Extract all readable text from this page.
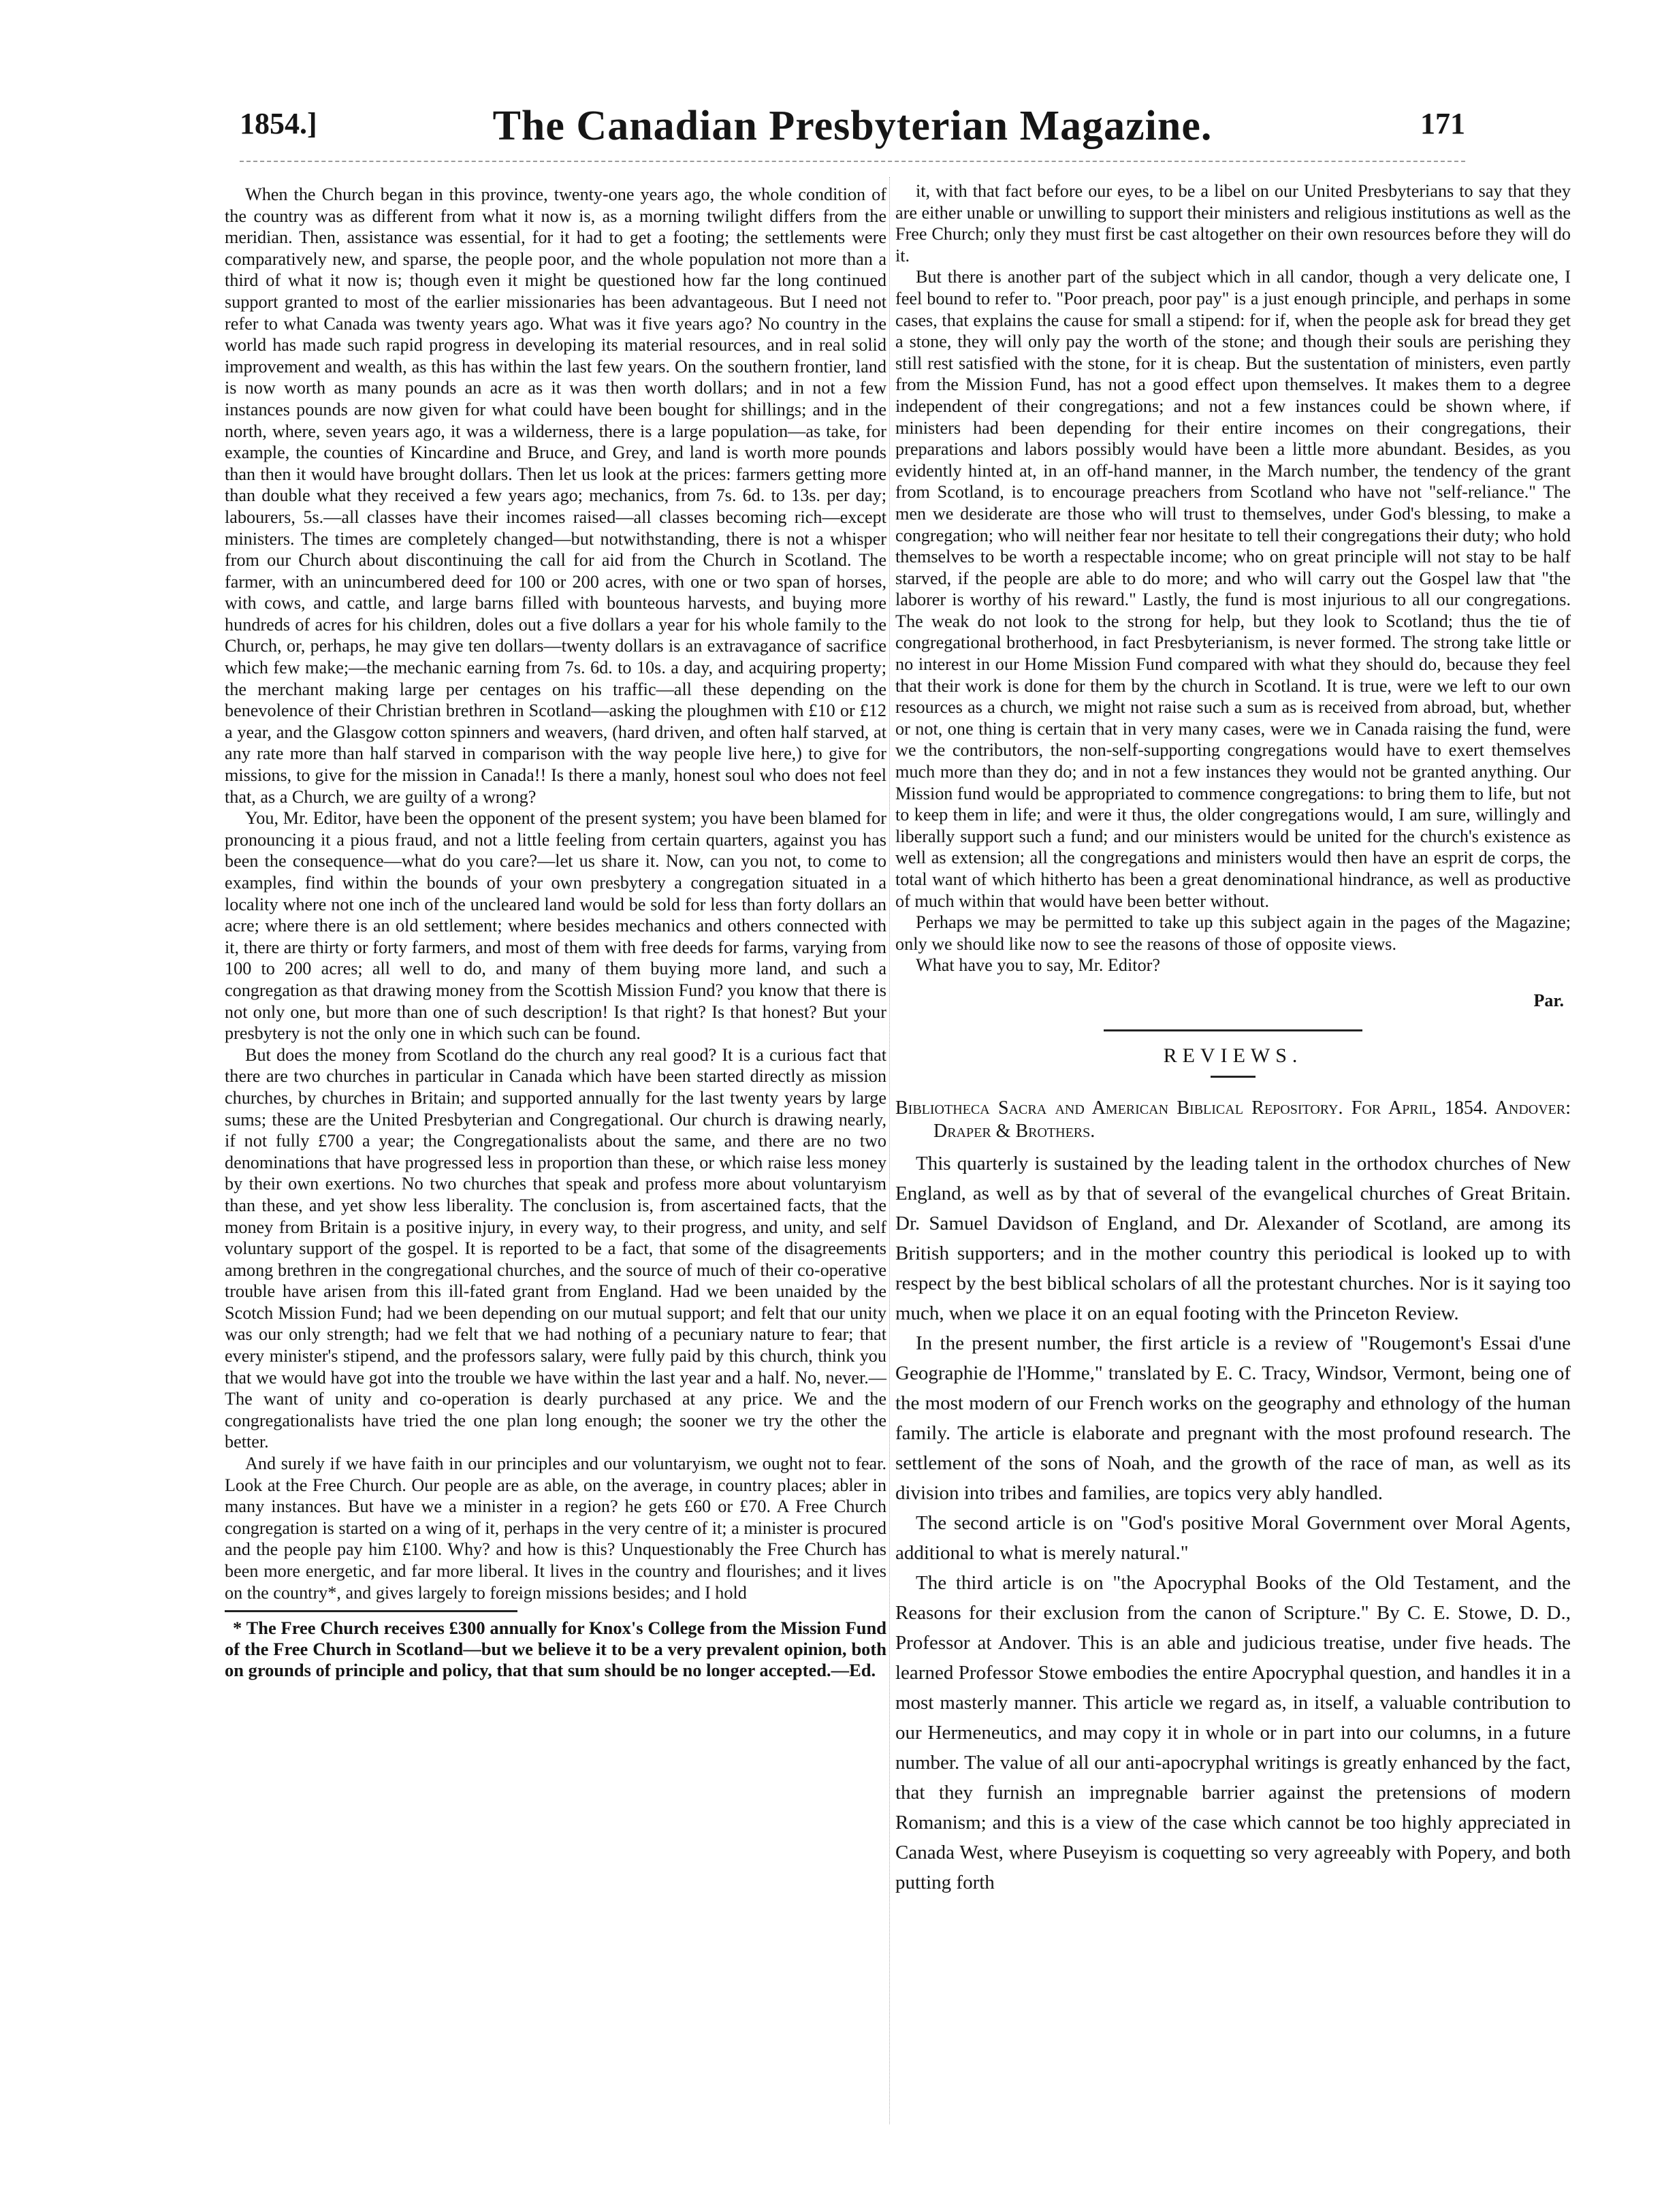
1854.]	The Canadian Presbyterian Magazine.	171

When the Church began in this province, twenty-one years ago, the whole condition of the country was as different from what it now is, as a morning twilight differs from the meridian. Then, assistance was essential, for it had to get a footing; the settlements were comparatively new, and sparse, the people poor, and the whole population not more than a third of what it now is; though even it might be questioned how far the long continued support granted to most of the earlier missionaries has been advantageous. But I need not refer to what Canada was twenty years ago. What was it five years ago? No country in the world has made such rapid progress in developing its material resources, and in real solid improvement and wealth, as this has within the last few years. On the southern frontier, land is now worth as many pounds an acre as it was then worth dollars; and in not a few instances pounds are now given for what could have been bought for shillings; and in the north, where, seven years ago, it was a wilderness, there is a large population—as take, for example, the counties of Kincardine and Bruce, and Grey, and land is worth more pounds than then it would have brought dollars. Then let us look at the prices: farmers getting more than double what they received a few years ago; mechanics, from 7s. 6d. to 13s. per day; labourers, 5s.—all classes have their incomes raised—all classes becoming rich—except ministers. The times are completely changed—but notwithstanding, there is not a whisper from our Church about discontinuing the call for aid from the Church in Scotland. The farmer, with an unincumbered deed for 100 or 200 acres, with one or two span of horses, with cows, and cattle, and large barns filled with bounteous harvests, and buying more hundreds of acres for his children, doles out a five dollars a year for his whole family to the Church, or, perhaps, he may give ten dollars—twenty dollars is an extravagance of sacrifice which few make;—the mechanic earning from 7s. 6d. to 10s. a day, and acquiring property; the merchant making large per centages on his traffic—all these depending on the benevolence of their Christian brethren in Scotland—asking the ploughmen with £10 or £12 a year, and the Glasgow cotton spinners and weavers, (hard driven, and often half starved, at any rate more than half starved in comparison with the way people live here,) to give for missions, to give for the mission in Canada!! Is there a manly, honest soul who does not feel that, as a Church, we are guilty of a wrong?

You, Mr. Editor, have been the opponent of the present system; you have been blamed for pronouncing it a pious fraud, and not a little feeling from certain quarters, against you has been the consequence—what do you care?—let us share it. Now, can you not, to come to examples, find within the bounds of your own presbytery a congregation situated in a locality where not one inch of the uncleared land would be sold for less than forty dollars an acre; where there is an old settlement; where besides mechanics and others connected with it, there are thirty or forty farmers, and most of them with free deeds for farms, varying from 100 to 200 acres; all well to do, and many of them buying more land, and such a congregation as that drawing money from the Scottish Mission Fund? you know that there is not only one, but more than one of such description! Is that right? Is that honest? But your presbytery is not the only one in which such can be found.

But does the money from Scotland do the church any real good? It is a curious fact that there are two churches in particular in Canada which have been started directly as mission churches, by churches in Britain; and supported annually for the last twenty years by large sums; these are the United Presbyterian and Congregational. Our church is drawing nearly, if not fully £700 a year; the Congregationalists about the same, and there are no two denominations that have progressed less in proportion than these, or which raise less money by their own exertions. No two churches that speak and profess more about voluntaryism than these, and yet show less liberality. The conclusion is, from ascertained facts, that the money from Britain is a positive injury, in every way, to their progress, and unity, and self voluntary support of the gospel. It is reported to be a fact, that some of the disagreements among brethren in the congregational churches, and the source of much of their co-operative trouble have arisen from this ill-fated grant from England. Had we been unaided by the Scotch Mission Fund; had we been depending on our mutual support; and felt that our unity was our only strength; had we felt that we had nothing of a pecuniary nature to fear; that every minister's stipend, and the professors salary, were fully paid by this church, think you that we would have got into the trouble we have within the last year and a half. No, never.—The want of unity and co-operation is dearly purchased at any price. We and the congregationalists have tried the one plan long enough; the sooner we try the other the better.

And surely if we have faith in our principles and our voluntaryism, we ought not to fear. Look at the Free Church. Our people are as able, on the average, in country places; abler in many instances. But have we a minister in a region? he gets £60 or £70. A Free Church congregation is started on a wing of it, perhaps in the very centre of it; a minister is procured and the people pay him £100. Why? and how is this? Unquestionably the Free Church has been more energetic, and far more liberal. It lives in the country and flourishes; and it lives on the country*, and gives largely to foreign missions besides; and I hold

* The Free Church receives £300 annually for Knox's College from the Mission Fund of the Free Church in Scotland—but we believe it to be a very prevalent opinion, both on grounds of principle and policy, that that sum should be no longer accepted.—Ed.

it, with that fact before our eyes, to be a libel on our United Presbyterians to say that they are either unable or unwilling to support their ministers and religious institutions as well as the Free Church; only they must first be cast altogether on their own resources before they will do it.

But there is another part of the subject which in all candor, though a very delicate one, I feel bound to refer to. "Poor preach, poor pay" is a just enough principle, and perhaps in some cases, that explains the cause for small a stipend: for if, when the people ask for bread they get a stone, they will only pay the worth of the stone; and though their souls are perishing they still rest satisfied with the stone, for it is cheap. But the sustentation of ministers, even partly from the Mission Fund, has not a good effect upon themselves. It makes them to a degree independent of their congregations; and not a few instances could be shown where, if ministers had been depending for their entire incomes on their congregations, their preparations and labors possibly would have been a little more abundant. Besides, as you evidently hinted at, in an off-hand manner, in the March number, the tendency of the grant from Scotland, is to encourage preachers from Scotland who have not "self-reliance." The men we desiderate are those who will trust to themselves, under God's blessing, to make a congregation; who will neither fear nor hesitate to tell their congregations their duty; who hold themselves to be worth a respectable income; who on great principle will not stay to be half starved, if the people are able to do more; and who will carry out the Gospel law that "the laborer is worthy of his reward." Lastly, the fund is most injurious to all our congregations. The weak do not look to the strong for help, but they look to Scotland; thus the tie of congregational brotherhood, in fact Presbyterianism, is never formed. The strong take little or no interest in our Home Mission Fund compared with what they should do, because they feel that their work is done for them by the church in Scotland. It is true, were we left to our own resources as a church, we might not raise such a sum as is received from abroad, but, whether or not, one thing is certain that in very many cases, were we in Canada raising the fund, were we the contributors, the non-self-supporting congregations would have to exert themselves much more than they do; and in not a few instances they would not be granted anything. Our Mission fund would be appropriated to commence congregations: to bring them to life, but not to keep them in life; and were it thus, the older congregations would, I am sure, willingly and liberally support such a fund; and our ministers would be united for the church's existence as well as extension; all the congregations and ministers would then have an esprit de corps, the total want of which hitherto has been a great denominational hindrance, as well as productive of much within that would have been better without.

Perhaps we may be permitted to take up this subject again in the pages of the Magazine; only we should like now to see the reasons of those of opposite views.

What have you to say, Mr. Editor?

Par.
REVIEWS.

Bibliotheca Sacra and American Biblical Repository. For April, 1854. Andover: Draper & Brothers.

This quarterly is sustained by the leading talent in the orthodox churches of New England, as well as by that of several of the evangelical churches of Great Britain. Dr. Samuel Davidson of England, and Dr. Alexander of Scotland, are among its British supporters; and in the mother country this periodical is looked up to with respect by the best biblical scholars of all the protestant churches. Nor is it saying too much, when we place it on an equal footing with the Princeton Review.

In the present number, the first article is a review of "Rougemont's Essai d'une Geographie de l'Homme," translated by E. C. Tracy, Windsor, Vermont, being one of the most modern of our French works on the geography and ethnology of the human family. The article is elaborate and pregnant with the most profound research. The settlement of the sons of Noah, and the growth of the race of man, as well as its division into tribes and families, are topics very ably handled.

The second article is on "God's positive Moral Government over Moral Agents, additional to what is merely natural."

The third article is on "the Apocryphal Books of the Old Testament, and the Reasons for their exclusion from the canon of Scripture." By C. E. Stowe, D. D., Professor at Andover. This is an able and judicious treatise, under five heads. The learned Professor Stowe embodies the entire Apocryphal question, and handles it in a most masterly manner. This article we regard as, in itself, a valuable contribution to our Hermeneutics, and may copy it in whole or in part into our columns, in a future number. The value of all our anti-apocryphal writings is greatly enhanced by the fact, that they furnish an impregnable barrier against the pretensions of modern Romanism; and this is a view of the case which cannot be too highly appreciated in Canada West, where Puseyism is coquetting so very agreeably with Popery, and both putting forth
